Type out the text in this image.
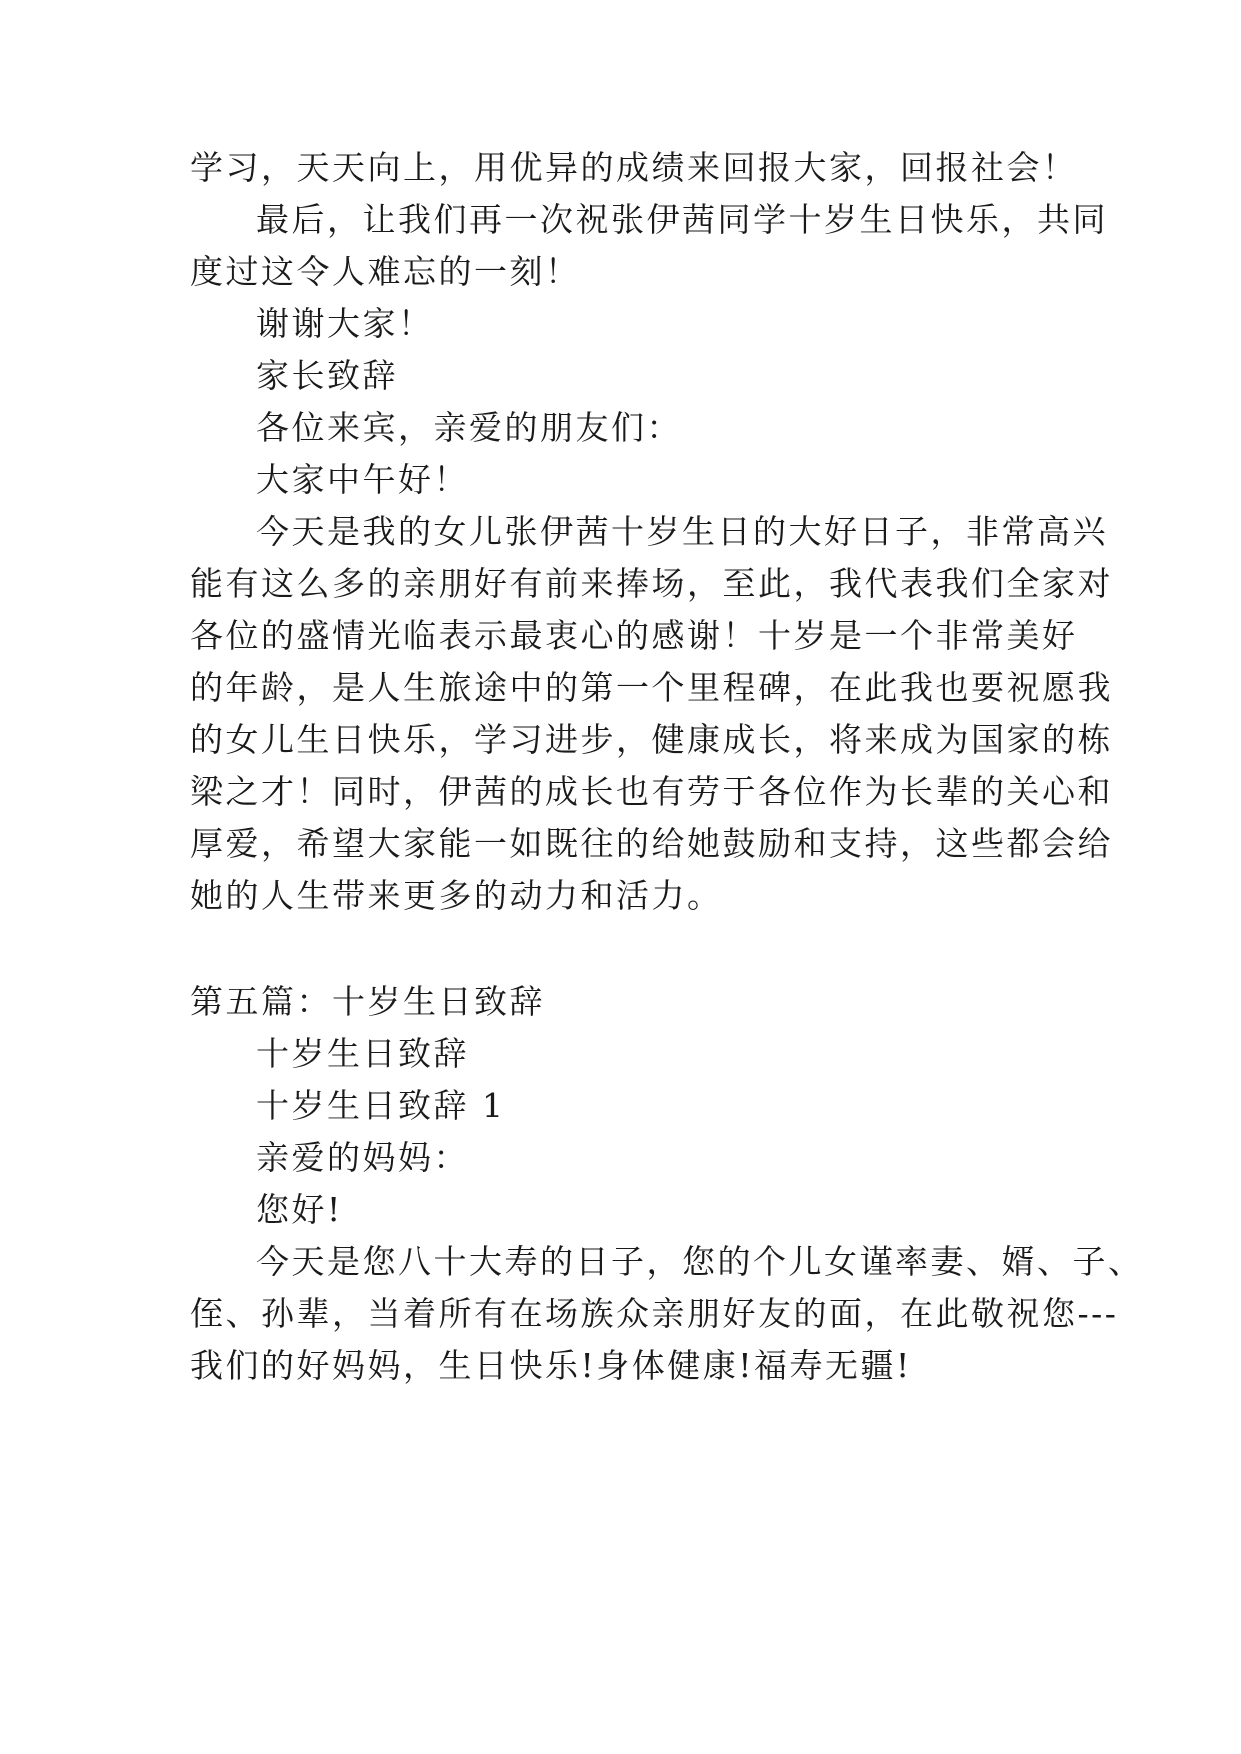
学习，天天向上，用优异的成绩来回报大家，回报社会！
最后，让我们再一次祝张伊茜同学十岁生日快乐，共同
度过这令人难忘的一刻！
谢谢大家！
家长致辞
各位来宾，亲爱的朋友们：
大家中午好！
今天是我的女儿张伊茜十岁生日的大好日子，非常高兴
能有这么多的亲朋好有前来捧场，至此，我代表我们全家对
各位的盛情光临表示最衷心的感谢！十岁是一个非常美好
的年龄，是人生旅途中的第一个里程碑，在此我也要祝愿我
的女儿生日快乐，学习进步，健康成长，将来成为国家的栋
梁之才！同时，伊茜的成长也有劳于各位作为长辈的关心和
厚爱，希望大家能一如既往的给她鼓励和支持，这些都会给
她的人生带来更多的动力和活力。
第五篇：十岁生日致辞
十岁生日致辞
十岁生日致辞 1
亲爱的妈妈：
您好!
今天是您八十大寿的日子，您的个儿女谨率妻、婿、子、
侄、孙辈，当着所有在场族众亲朋好友的面，在此敬祝您---
我们的好妈妈，生日快乐!身体健康!福寿无疆!
